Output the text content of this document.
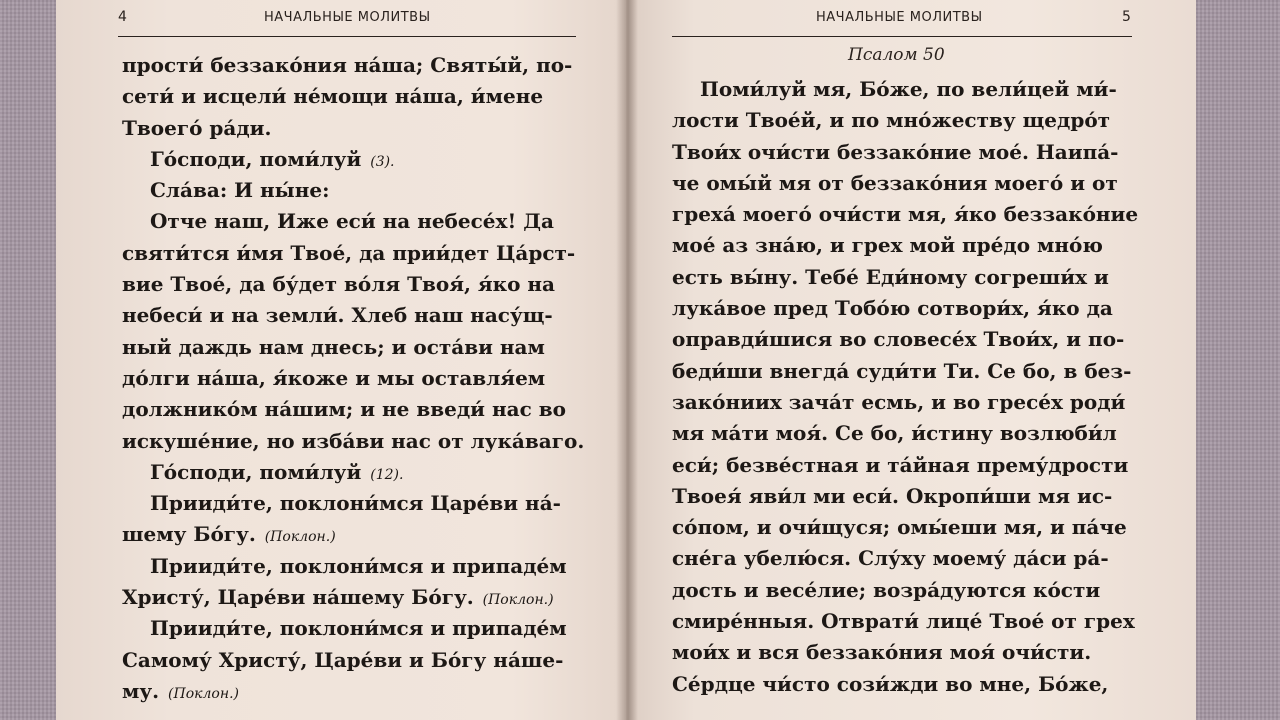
4	НАЧАЛЬНЫЕ МОЛИТВЫ
прости́ беззако́ния на́ша; Святы́й, по-
сети́ и исцели́ не́мощи на́ша, и́мене
Твоего́ ра́ди.
Го́споди, поми́луй  (3).
Сла́ва: И ны́не:
Отче наш, Иже еси́ на небесе́х! Да
святи́тся и́мя Твое́, да прии́дет Ца́рст-
вие Твое́, да бу́дет во́ля Твоя́, я́ко на
небеси́ и на земли́. Хлеб наш насу́щ-
ный даждь нам днесь; и оста́ви нам
до́лги на́ша, я́коже и мы оставля́ем
должнико́м на́шим; и не введи́ нас во
искуше́ние, но изба́ви нас от лука́ваго.
Го́споди, поми́луй  (12).
Прииди́те, поклони́мся Царе́ви на́-
шему Бо́гу.  (Поклон.)
Прииди́те, поклони́мся и припаде́м
Христу́, Царе́ви на́шему Бо́гу.  (Поклон.)
Прииди́те, поклони́мся и припаде́м
Самому́ Христу́, Царе́ви и Бо́гу на́ше-
му.  (Поклон.)
НАЧАЛЬНЫЕ МОЛИТВЫ	5
Псалом 50
Поми́луй мя, Бо́же, по вели́цей ми́-
лости Твое́й, и по мно́жеству щедро́т
Твои́х очи́сти беззако́ние мое́. Наипа́-
че омы́й мя от беззако́ния моего́ и от
греха́ моего́ очи́сти мя, я́ко беззако́ние
мое́ аз зна́ю, и грех мой пре́до мно́ю
есть вы́ну. Тебе́ Еди́ному согреши́х и
лука́вое пред Тобо́ю сотвори́х, я́ко да
оправди́шися во словесе́х Твои́х, и по-
беди́ши внегда́ суди́ти Ти. Се бо, в без-
зако́нииx зача́т есмь, и во гресе́х роди́
мя ма́ти моя́. Се бо, и́стину возлюби́л
еси́; безве́стная и та́йная прему́дрости
Твоея́ яви́л ми еси́. Окропи́ши мя ис-
со́пом, и очи́щуся; омы́еши мя, и па́че
сне́га убелю́ся. Слу́ху моему́ да́си ра́-
дость и весе́лие; возра́дуются ко́сти
смире́нныя. Отврати́ лице́ Твое́ от грех
мои́х и вся беззако́ния моя́ очи́сти.
Се́рдце чи́сто сози́жди во мне, Бо́же,
